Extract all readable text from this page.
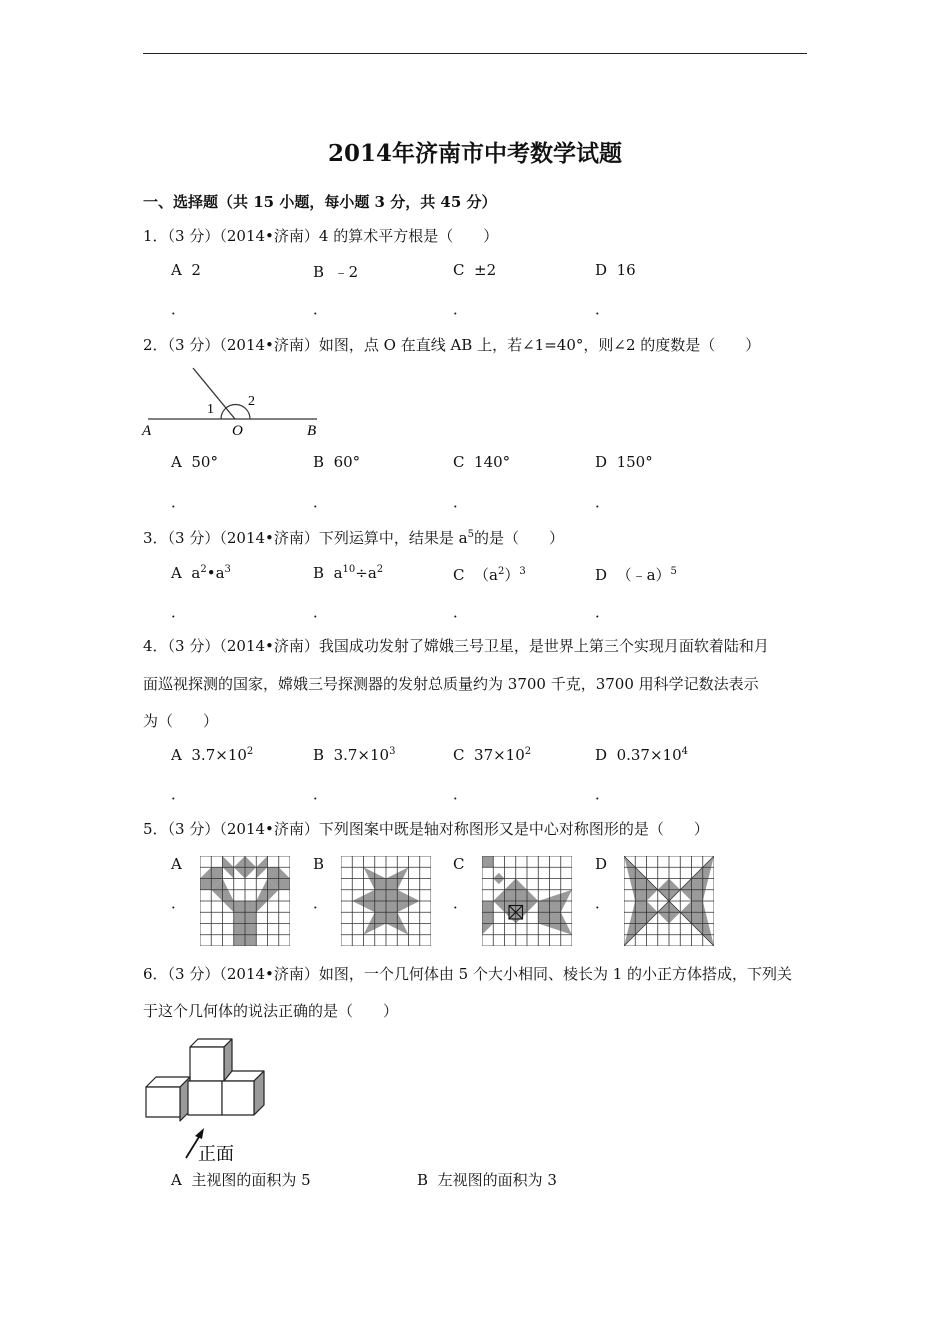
2014年济南市中考数学试题
一、选择题（共 15 小题，每小题 3 分，共 45 分）
1．（3 分）（2014•济南）4 的算术平方根是（　　）
A 2	B ﹣2	C ±2	D 16
2．（3 分）（2014•济南）如图，点 O 在直线 AB 上，若∠1=40°，则∠2 的度数是（　　）
A	O	B
1
2
A 50°	B 60°	C 140°	D 150°
3．（3 分）（2014•济南）下列运算中，结果是 $a^5$的是（　　）
A $a^2•a^3$	B $a^{10}\div a^2$	C $(a^2)^3$	D （﹣a）$^5$
4．（3 分）（2014•济南）我国成功发射了嫦娥三号卫星，是世界上第三个实现月面软着陆和月
面巡视探测的国家，嫦娥三号探测器的发射总质量约为 3700 千克，3700 用科学记数法表示
为（　　）
A $3.7\times 10^2$	B $3.7\times 10^3$	C $37\times 10^2$	D $0.37\times 10^4$
5．（3 分）（2014•济南）下列图案中既是轴对称图形又是中心对称图形的是（　　）
A	B	C	D
．	．	．	．
6．（3 分）（2014•济南）如图，一个几何体由 5 个大小相同、棱长为 1 的小正方体搭成，下列关
于这个几何体的说法正确的是（　　）
正面
A 主视图的面积为 5	B 左视图的面积为 3
．	．	．	．
．	．	．	．
．	．	．	．
．	．	．	．
